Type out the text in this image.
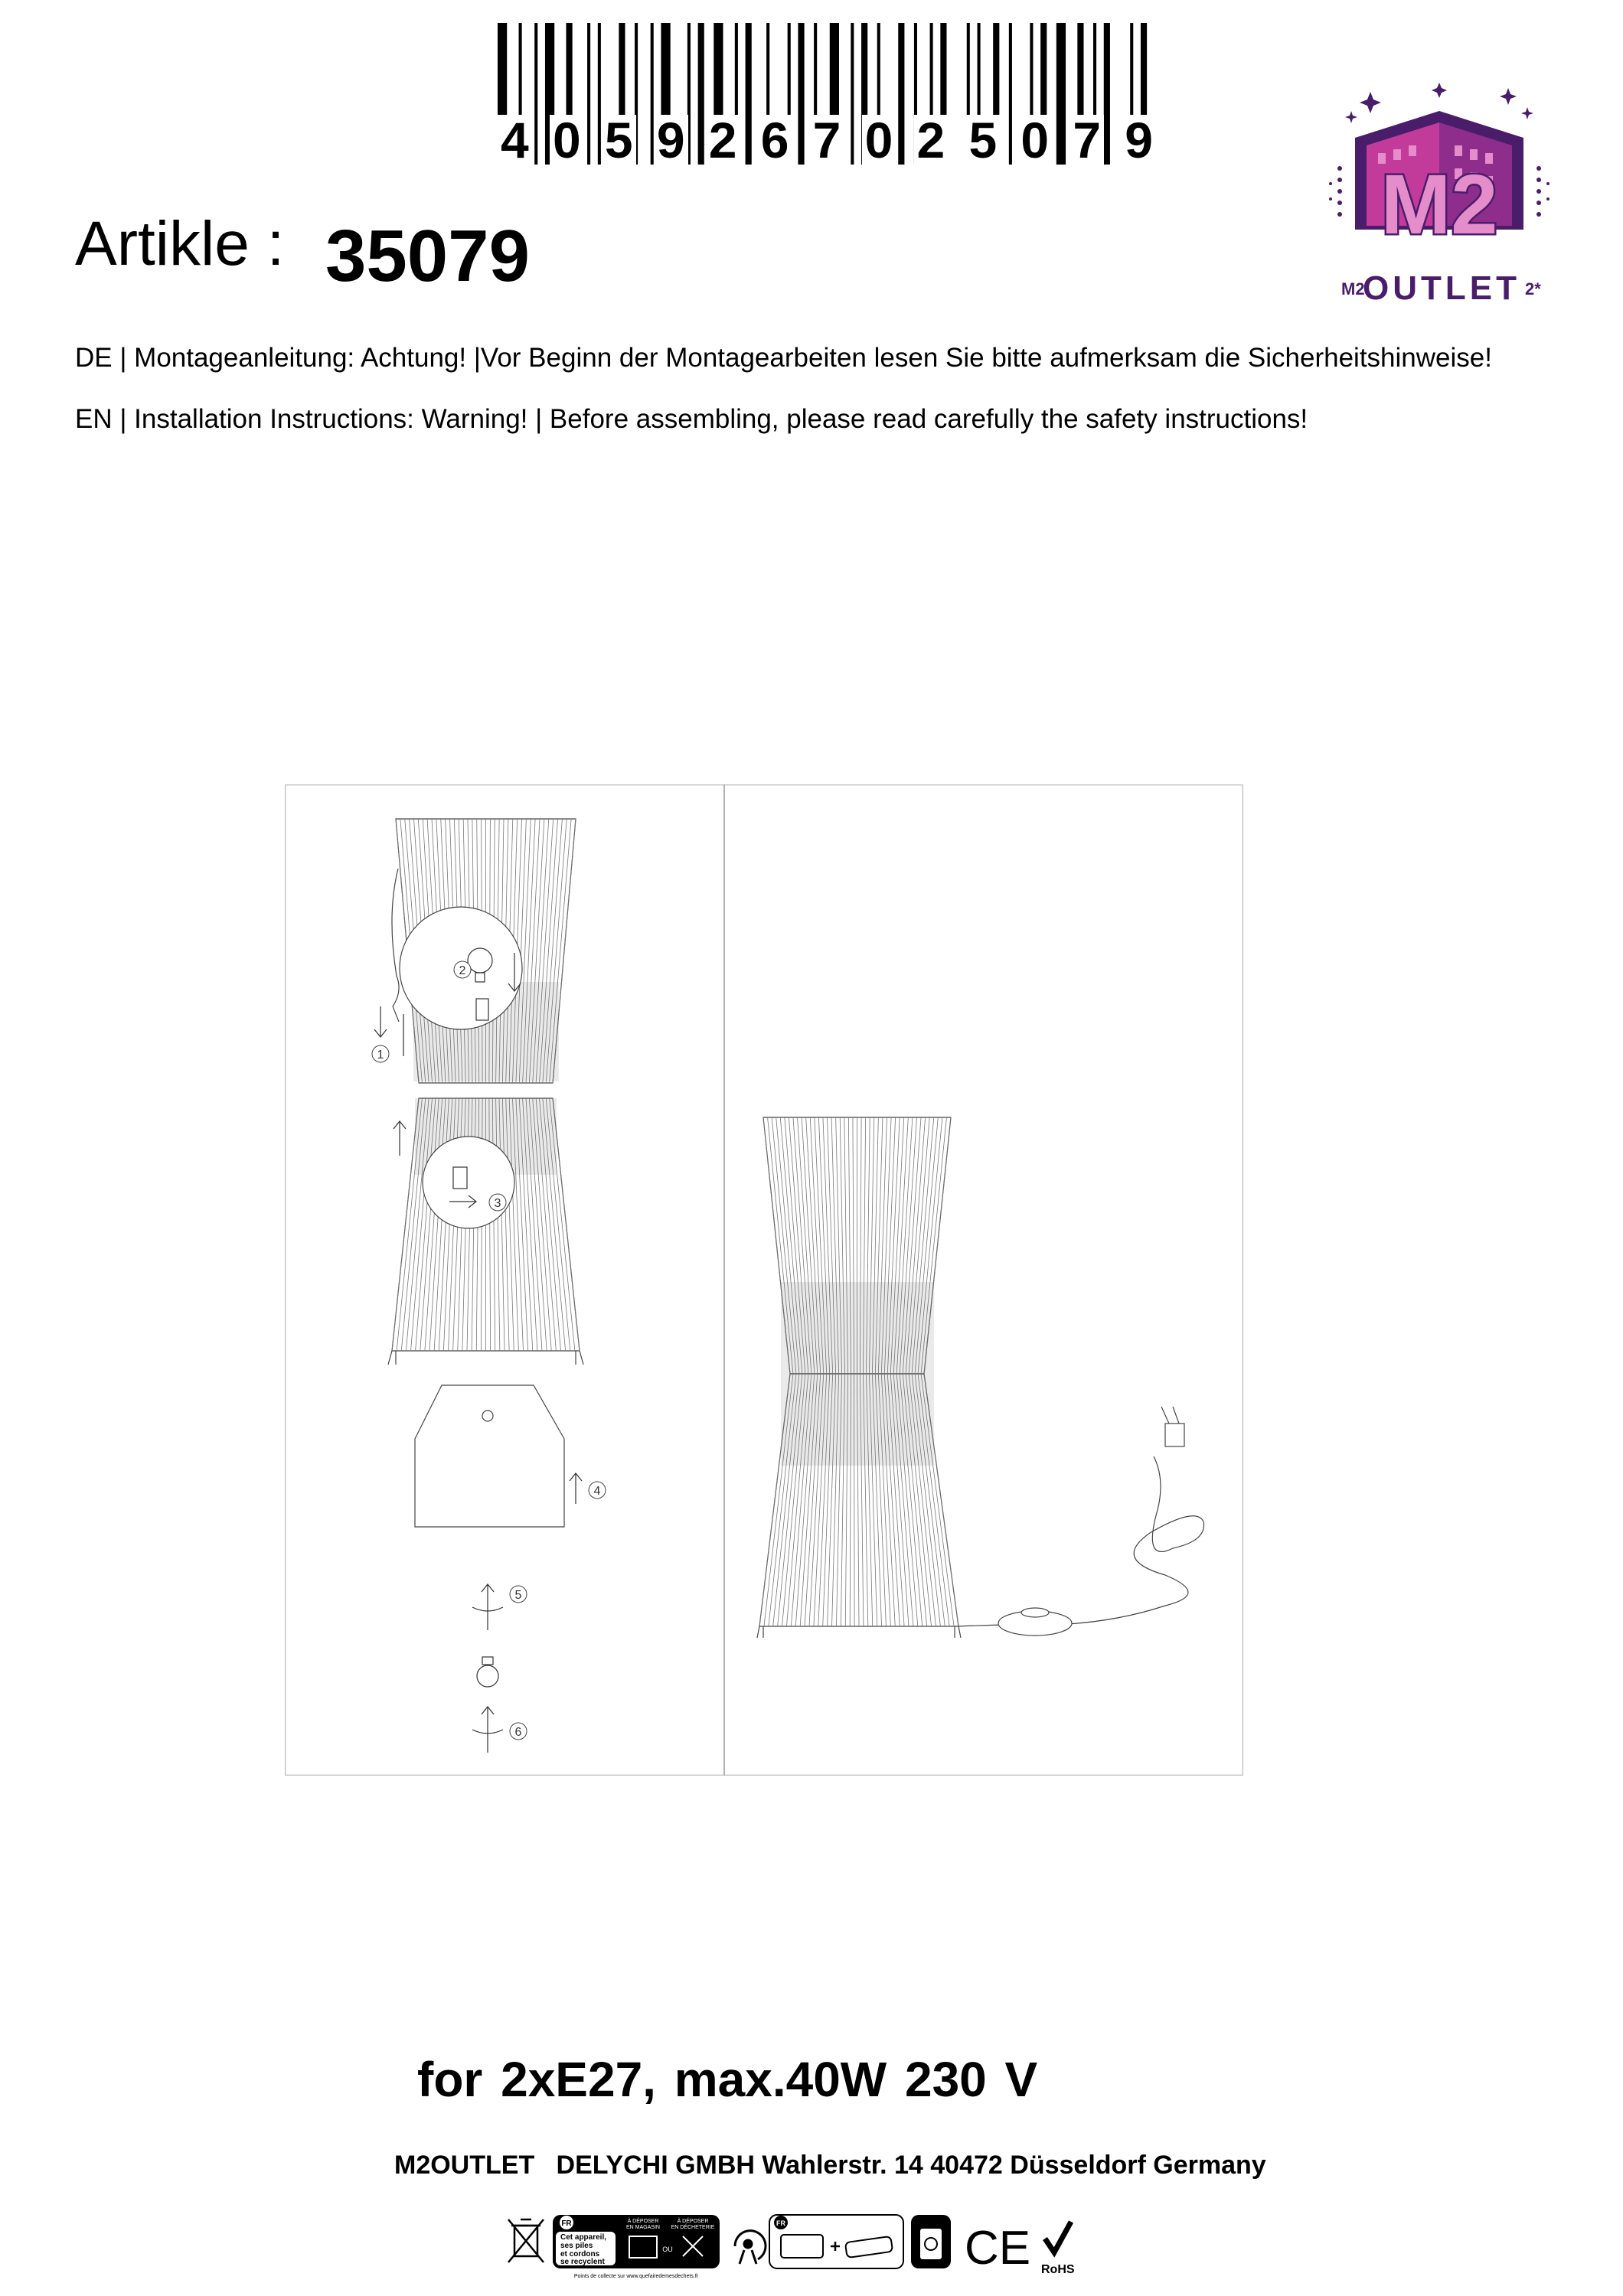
4 0 5 9 2 6 7 0 2 5 0 7 9
M2
M2	2*
OUTLET
Artikle : 35079
DE | Montageanleitung: Achtung! |Vor Beginn der Montagearbeiten lesen Sie bitte aufmerksam die Sicherheitshinweise!
EN | Installation Instructions: Warning! | Before assembling, please read carefully the safety instructions!
1
2
3
4
5
6
for 2xE27, max.40W 230 V
M2OUTLET   DELYCHI GMBH Wahlerstr. 14 40472 Düsseldorf Germany
FR
Cet appareil,
ses piles
et cordons
se recyclent
À DÉPOSER
EN MAGASIN
À DÉPOSER
EN DÉCHETERIE
OU
Points de collecte sur www.quefairedemesdechets.fr
FR	CE RoHS
